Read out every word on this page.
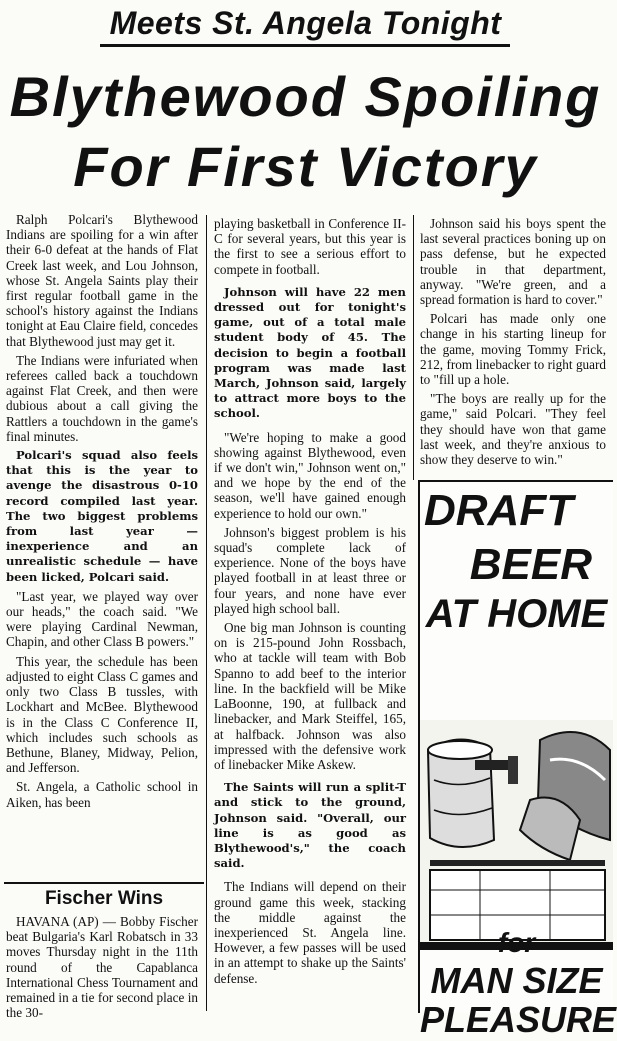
Meets St. Angela Tonight
Blythewood Spoiling
For First Victory

Ralph Polcari's Blythewood Indians are spoiling for a win after their 6-0 defeat at the hands of Flat Creek last week, and Lou Johnson, whose St. Angela Saints play their first regular football game in the school's history against the Indians tonight at Eau Claire field, concedes that Blythewood just may get it.

The Indians were infuriated when referees called back a touchdown against Flat Creek, and then were dubious about a call giving the Rattlers a touchdown in the game's final minutes.

Polcari's squad also feels that this is the year to avenge the disastrous 0-10 record compiled last year. The two biggest problems from last year — inexperience and an unrealistic schedule — have been licked, Polcari said.

"Last year, we played way over our heads," the coach said. "We were playing Cardinal Newman, Chapin, and other Class B powers."

This year, the schedule has been adjusted to eight Class C games and only two Class B tussles, with Lockhart and McBee. Blythewood is in the Class C Conference II, which includes such schools as Bethune, Blaney, Midway, Pelion, and Jefferson.

St. Angela, a Catholic school in Aiken, has been

Fischer Wins

HAVANA (AP) — Bobby Fischer beat Bulgaria's Karl Robatsch in 33 moves Thursday night in the 11th round of the Capablanca International Chess Tournament and remained in a tie for second place in the 30-

playing basketball in Conference II-C for several years, but this year is the first to see a serious effort to compete in football.

Johnson will have 22 men dressed out for tonight's game, out of a total male student body of 45. The decision to begin a football program was made last March, Johnson said, largely to attract more boys to the school.

"We're hoping to make a good showing against Blythewood, even if we don't win," Johnson went on," and we hope by the end of the season, we'll have gained enough experience to hold our own."

Johnson's biggest problem is his squad's complete lack of experience. None of the boys have played football in at least three or four years, and none have ever played high school ball.

One big man Johnson is counting on is 215-pound John Rossbach, who at tackle will team with Bob Spanno to add beef to the interior line. In the backfield will be Mike LaBoonne, 190, at fullback and linebacker, and Mark Steiffel, 165, at halfback. Johnson was also impressed with the defensive work of linebacker Mike Askew.

The Saints will run a split-T and stick to the ground, Johnson said. "Overall, our line is as good as Blythewood's," the coach said.

The Indians will depend on their ground game this week, stacking the middle against the inexperienced St. Angela line. However, a few passes will be used in an attempt to shake up the Saints' defense.

Johnson said his boys spent the last several practices boning up on pass defense, but he expected trouble in that department, anyway. "We're green, and a spread formation is hard to cover."

Polcari has made only one change in his starting lineup for the game, moving Tommy Frick, 212, from linebacker to right guard to "fill up a hole.

"The boys are really up for the game," said Polcari. "They feel they should have won that game last week, and they're anxious to show they deserve to win."

DRAFT
BEER
AT HOME
for
MAN SIZE
PLEASURE
